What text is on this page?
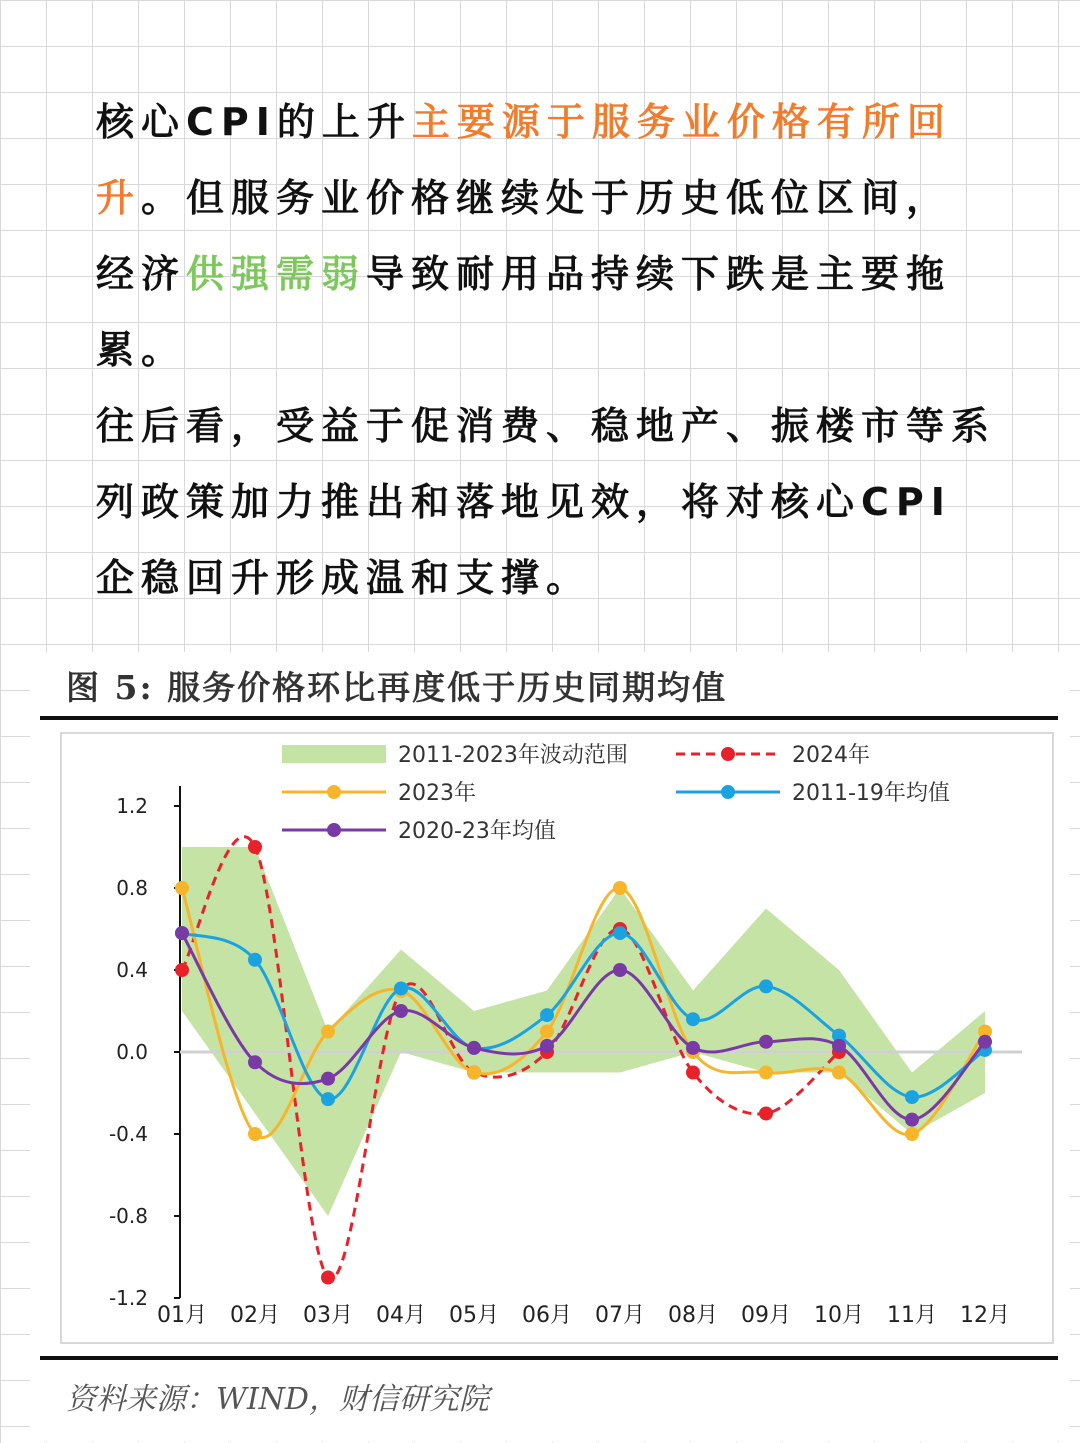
核心CPI的上升主要源于服务业价格有所回升。但服务业价格继续处于历史低位区间，经济供强需弱导致耐用品持续下跌是主要拖累。

往后看，受益于促消费、稳地产、振楼市等系列政策加力推出和落地见效，将对核心CPI企稳回升形成温和支撑。

图 5: 服务价格环比再度低于历史同期均值
-1.2
-0.8
-0.4
0.0
0.4
0.8
1.2
01月 02月 03月 04月 05月 06月 07月 08月 09月 10月 11月 12月
2011-2023年波动范围	2024年
2023年	2011-19年均值
2020-23年均值
资料来源：WIND，财信研究院
